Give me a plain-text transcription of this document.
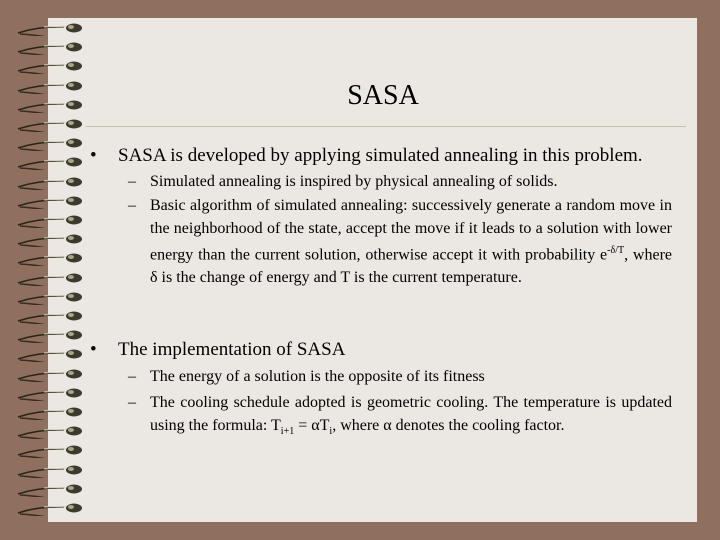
SASA
• SASA is developed by applying simulated annealing in this problem.
– Simulated annealing is inspired by physical annealing of solids.
– Basic algorithm of simulated annealing: successively generate a random move in the neighborhood of the state, accept the move if it leads to a solution with lower energy than the current solution, otherwise accept it with probability $e^{-\delta/T}$, where δ is the change of energy and T is the current temperature.
• The implementation of SASA
– The energy of a solution is the opposite of its fitness
– The cooling schedule adopted is geometric cooling. The temperature is updated using the formula: $T_{i+1} = \alpha T_i$, where α denotes the cooling factor.
